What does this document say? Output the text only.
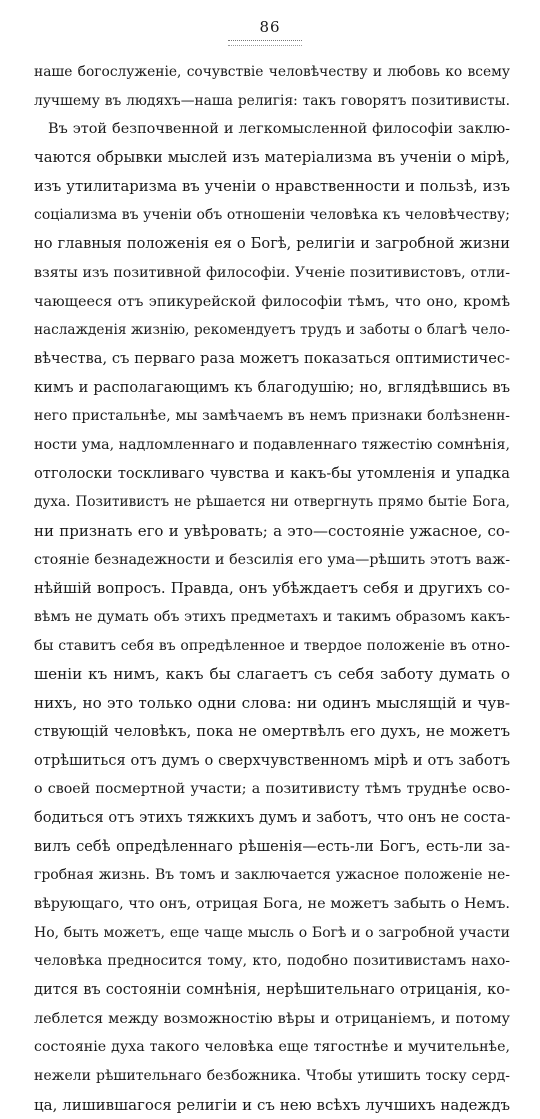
86
наше богослуженіе, сочувствіе человѣчеству и любовь ко всему
лучшему въ людяхъ—наша религія: такъ говорятъ позитивисты.
Въ этой безпочвенной и легкомысленной философіи заклю-
чаются обрывки мыслей изъ матеріализма въ ученіи о мірѣ,
изъ утилитаризма въ ученіи о нравственности и пользѣ, изъ
соціализма въ ученіи объ отношеніи человѣка къ человѣчеству;
но главныя положенія ея о Богѣ, религіи и загробной жизни
взяты изъ позитивной философіи. Ученіе позитивистовъ, отли-
чающееся отъ эпикурейской философіи тѣмъ, что оно, кромѣ
наслажденія жизнію, рекомендуетъ трудъ и заботы о благѣ чело-
вѣчества, съ перваго раза можетъ показаться оптимистичес-
кимъ и располагающимъ къ благодушію; но, вглядѣвшись въ
него пристальнѣе, мы замѣчаемъ въ немъ признаки болѣзненн-
ности ума, надломленнаго и подавленнаго тяжестію сомнѣнія,
отголоски тоскливаго чувства и какъ-бы утомленія и упадка
духа. Позитивистъ не рѣшается ни отвергнуть прямо бытіе Бога,
ни признать его и увѣровать; а это—состояніе ужасное, со-
стояніе безнадежности и безсилія его ума—рѣшить этотъ важ-
нѣйшій вопросъ. Правда, онъ убѣждаетъ себя и другихъ со-
вѣмъ не думать объ этихъ предметахъ и такимъ образомъ какъ-
бы ставитъ себя въ опредѣленное и твердое положеніе въ отно-
шеніи къ нимъ, какъ бы слагаетъ съ себя заботу думать о
нихъ, но это только одни слова: ни одинъ мыслящій и чув-
ствующій человѣкъ, пока не омертвѣлъ его духъ, не можетъ
отрѣшиться отъ думъ о сверхчувственномъ мірѣ и отъ заботъ
о своей посмертной участи; а позитивисту тѣмъ труднѣе осво-
бодиться отъ этихъ тяжкихъ думъ и заботъ, что онъ не соста-
вилъ себѣ опредѣленнаго рѣшенія—есть-ли Богъ, есть-ли за-
гробная жизнь. Въ томъ и заключается ужасное положеніе не-
вѣрующаго, что онъ, отрицая Бога, не можетъ забыть о Немъ.
Но, быть можетъ, еще чаще мысль о Богѣ и о загробной участи
человѣка предносится тому, кто, подобно позитивистамъ нахо-
дится въ состояніи сомнѣнія, нерѣшительнаго отрицанія, ко-
леблется между возможностію вѣры и отрицаніемъ, и потому
состояніе духа такого человѣка еще тягостнѣе и мучительнѣе,
нежели рѣшительнаго безбожника. Чтобы утишить тоску серд-
ца, лишившагося религіи и съ нею всѣхъ лучшихъ надеждъ
